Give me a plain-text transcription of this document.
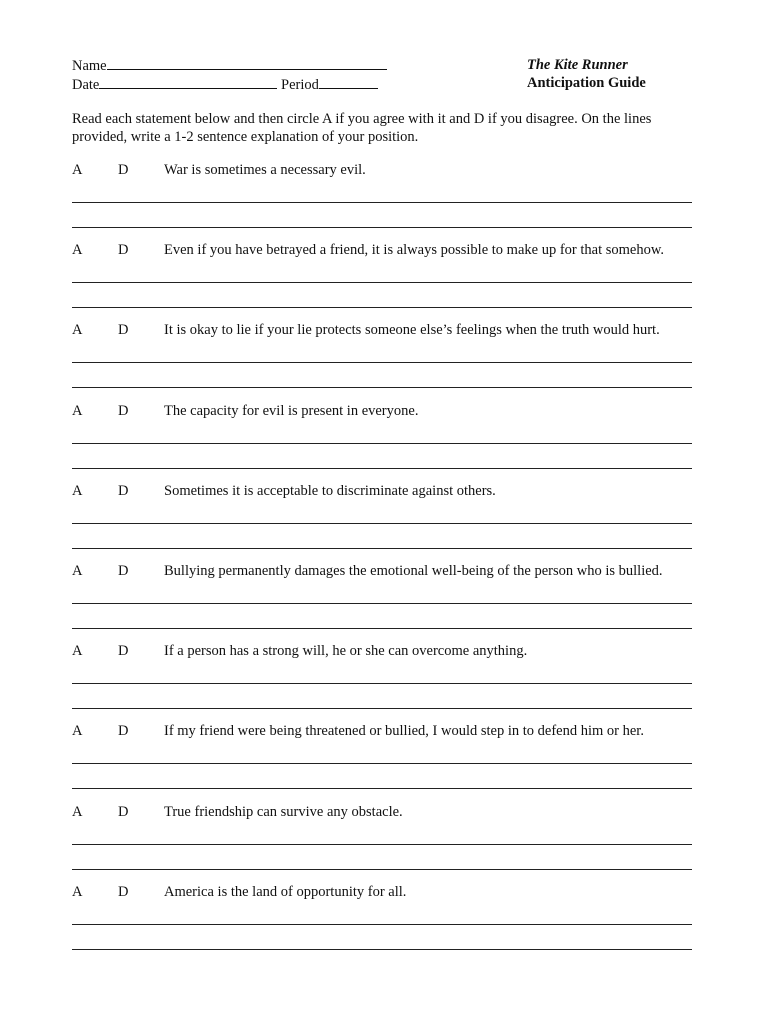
Name
Date	Period
The Kite Runner
Anticipation Guide
Read each statement below and then circle A if you agree with it and D if you disagree. On the lines provided, write a 1-2 sentence explanation of your position.
A	D	War is sometimes a necessary evil.
A	D	Even if you have betrayed a friend, it is always possible to make up for that somehow.
A	D	It is okay to lie if your lie protects someone else’s feelings when the truth would hurt.
A	D	The capacity for evil is present in everyone.
A	D	Sometimes it is acceptable to discriminate against others.
A	D	Bullying permanently damages the emotional well-being of the person who is bullied.
A	D	If a person has a strong will, he or she can overcome anything.
A	D	If my friend were being threatened or bullied, I would step in to defend him or her.
A	D	True friendship can survive any obstacle.
A	D	America is the land of opportunity for all.
